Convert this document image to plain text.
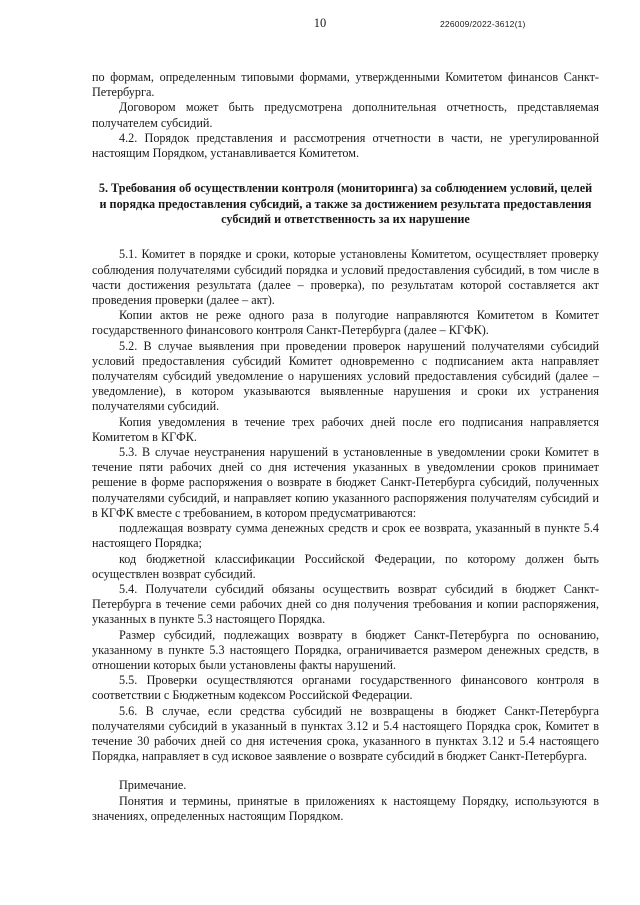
10	226009/2022-3612(1)

по формам, определенным типовыми формами, утвержденными Комитетом финансов Санкт-Петербурга.

Договором может быть предусмотрена дополнительная отчетность, представляемая получателем субсидий.

4.2. Порядок представления и рассмотрения отчетности в части, не урегулированной настоящим Порядком, устанавливается Комитетом.

5. Требования об осуществлении контроля (мониторинга) за соблюдением условий, целей и порядка предоставления субсидий, а также за достижением результата предоставления субсидий и ответственность за их нарушение

5.1. Комитет в порядке и сроки, которые установлены Комитетом, осуществляет проверку соблюдения получателями субсидий порядка и условий предоставления субсидий, в том числе в части достижения результата (далее – проверка), по результатам которой составляется акт проведения проверки (далее – акт).

Копии актов не реже одного раза в полугодие направляются Комитетом в Комитет государственного финансового контроля Санкт-Петербурга (далее – КГФК).

5.2. В случае выявления при проведении проверок нарушений получателями субсидий условий предоставления субсидий Комитет одновременно с подписанием акта направляет получателям субсидий уведомление о нарушениях условий предоставления субсидий (далее – уведомление), в котором указываются выявленные нарушения и сроки их устранения получателями субсидий.

Копия уведомления в течение трех рабочих дней после его подписания направляется Комитетом в КГФК.

5.3. В случае неустранения нарушений в установленные в уведомлении сроки Комитет в течение пяти рабочих дней со дня истечения указанных в уведомлении сроков принимает решение в форме распоряжения о возврате в бюджет Санкт-Петербурга субсидий, полученных получателями субсидий, и направляет копию указанного распоряжения получателям субсидий и в КГФК вместе с требованием, в котором предусматриваются:

подлежащая возврату сумма денежных средств и срок ее возврата, указанный в пункте 5.4 настоящего Порядка;

код бюджетной классификации Российской Федерации, по которому должен быть осуществлен возврат субсидий.

5.4. Получатели субсидий обязаны осуществить возврат субсидий в бюджет Санкт-Петербурга в течение семи рабочих дней со дня получения требования и копии распоряжения, указанных в пункте 5.3 настоящего Порядка.

Размер субсидий, подлежащих возврату в бюджет Санкт-Петербурга по основанию, указанному в пункте 5.3 настоящего Порядка, ограничивается размером денежных средств, в отношении которых были установлены факты нарушений.

5.5. Проверки осуществляются органами государственного финансового контроля в соответствии с Бюджетным кодексом Российской Федерации.

5.6. В случае, если средства субсидий не возвращены в бюджет Санкт-Петербурга получателями субсидий в указанный в пунктах 3.12 и 5.4 настоящего Порядка срок, Комитет в течение 30 рабочих дней со дня истечения срока, указанного в пунктах 3.12 и 5.4 настоящего Порядка, направляет в суд исковое заявление о возврате субсидий в бюджет Санкт-Петербурга.

Примечание.

Понятия и термины, принятые в приложениях к настоящему Порядку, используются в значениях, определенных настоящим Порядком.
